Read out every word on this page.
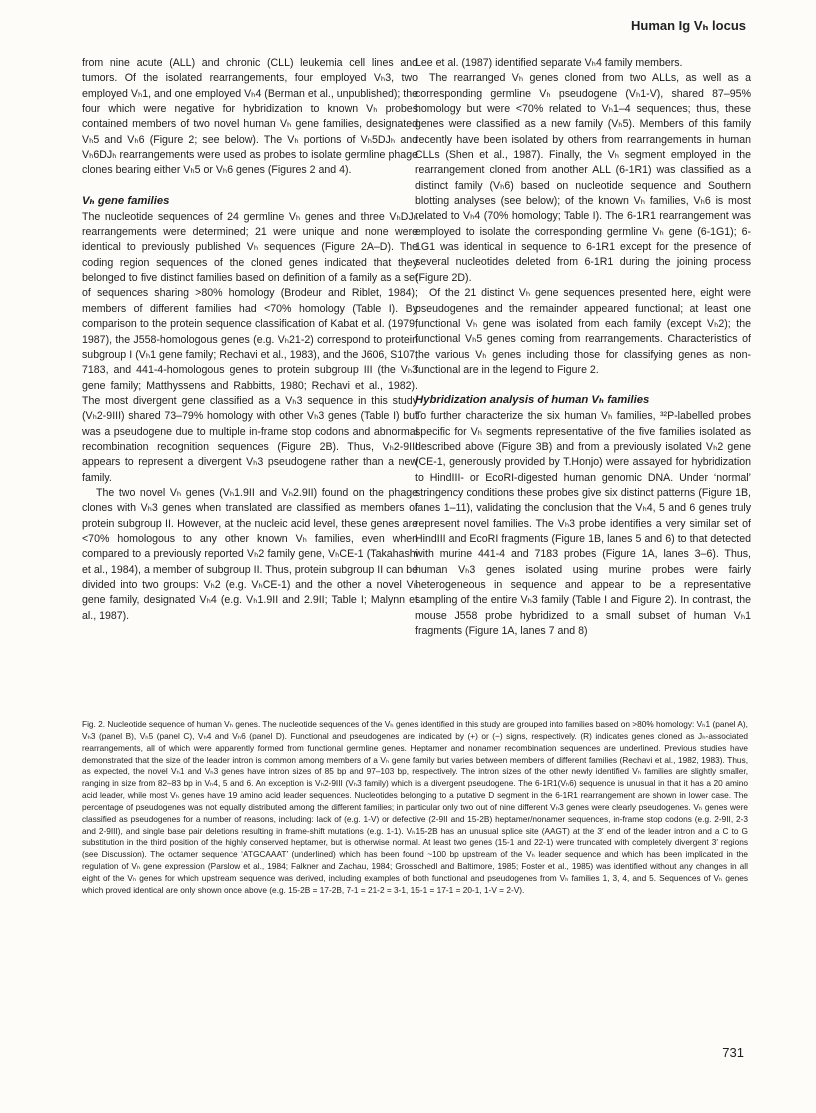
Human Ig Vₕ locus

from nine acute (ALL) and chronic (CLL) leukemia cell lines and tumors. Of the isolated rearrangements, four employed Vₕ3, two employed Vₕ1, and one employed Vₕ4 (Berman et al., unpublished); the four which were negative for hybridization to known Vₕ probes contained members of two novel human Vₕ gene families, designated Vₕ5 and Vₕ6 (Figure 2; see below). The Vₕ portions of Vₕ5DJₕ and Vₕ6DJₕ rearrangements were used as probes to isolate germline phage clones bearing either Vₕ5 or Vₕ6 genes (Figures 2 and 4).

Vₕ gene families

The nucleotide sequences of 24 germline Vₕ genes and three VₕDJₕ rearrangements were determined; 21 were unique and none were identical to previously published Vₕ sequences (Figure 2A–D). The coding region sequences of the cloned genes indicated that they belonged to five distinct families based on definition of a family as a set of sequences sharing >80% homology (Brodeur and Riblet, 1984); members of different families had <70% homology (Table I). By comparison to the protein sequence classification of Kabat et al. (1979, 1987), the J558-homologous genes (e.g. Vₕ21-2) correspond to protein subgroup I (Vₕ1 gene family; Rechavi et al., 1983), and the J606, S107, 7183, and 441-4-homologous genes to protein subgroup III (the Vₕ3 gene family; Matthyssens and Rabbitts, 1980; Rechavi et al., 1982). The most divergent gene classified as a Vₕ3 sequence in this study (Vₕ2-9III) shared 73–79% homology with other Vₕ3 genes (Table I) but was a pseudogene due to multiple in-frame stop codons and abnormal recombination recognition sequences (Figure 2B). Thus, Vₕ2-9III appears to represent a divergent Vₕ3 pseudogene rather than a new family.

The two novel Vₕ genes (Vₕ1.9II and Vₕ2.9II) found on the phage clones with Vₕ3 genes when translated are classified as members of protein subgroup II. However, at the nucleic acid level, these genes are <70% homologous to any other known Vₕ families, even when compared to a previously reported Vₕ2 family gene, VₕCE-1 (Takahashi et al., 1984), a member of subgroup II. Thus, protein subgroup II can be divided into two groups: Vₕ2 (e.g. VₕCE-1) and the other a novel Vₕ gene family, designated Vₕ4 (e.g. Vₕ1.9II and 2.9II; Table I; Malynn et al., 1987).

Lee et al. (1987) identified separate Vₕ4 family members.

The rearranged Vₕ genes cloned from two ALLs, as well as a corresponding germline Vₕ pseudogene (Vₕ1-V), shared 87–95% homology but were <70% related to Vₕ1–4 sequences; thus, these genes were classified as a new family (Vₕ5). Members of this family recently have been isolated by others from rearrangements in human CLLs (Shen et al., 1987). Finally, the Vₕ segment employed in the rearrangement cloned from another ALL (6-1R1) was classified as a distinct family (Vₕ6) based on nucleotide sequence and Southern blotting analyses (see below); of the known Vₕ families, Vₕ6 is most related to Vₕ4 (70% homology; Table I). The 6-1R1 rearrangement was employed to isolate the corresponding germline Vₕ gene (6-1G1); 6-1G1 was identical in sequence to 6-1R1 except for the presence of several nucleotides deleted from 6-1R1 during the joining process (Figure 2D).

Of the 21 distinct Vₕ gene sequences presented here, eight were pseudogenes and the remainder appeared functional; at least one functional Vₕ gene was isolated from each family (except Vₕ2); the functional Vₕ5 genes coming from rearrangements. Characteristics of the various Vₕ genes including those for classifying genes as non-functional are in the legend to Figure 2.

Hybridization analysis of human Vₕ families

To further characterize the six human Vₕ families, ³²P-labelled probes specific for Vₕ segments representative of the five families isolated as described above (Figure 3B) and from a previously isolated Vₕ2 gene (CE-1, generously provided by T.Honjo) were assayed for hybridization to HindIII- or EcoRI-digested human genomic DNA. Under ‘normal’ stringency conditions these probes give six distinct patterns (Figure 1B, lanes 1–11), validating the conclusion that the Vₕ4, 5 and 6 genes truly represent novel families. The Vₕ3 probe identifies a very similar set of HindIII and EcoRI fragments (Figure 1B, lanes 5 and 6) to that detected with murine 441-4 and 7183 probes (Figure 1A, lanes 3–6). Thus, human Vₕ3 genes isolated using murine probes were fairly heterogeneous in sequence and appear to be a representative sampling of the entire Vₕ3 family (Table I and Figure 2). In contrast, the mouse J558 probe hybridized to a small subset of human Vₕ1 fragments (Figure 1A, lanes 7 and 8)

Fig. 2. Nucleotide sequence of human Vₕ genes. The nucleotide sequences of the Vₕ genes identified in this study are grouped into families based on >80% homology: Vₕ1 (panel A), Vₕ3 (panel B), Vₕ5 (panel C), Vₕ4 and Vₕ6 (panel D). Functional and pseudogenes are indicated by (+) or (−) signs, respectively. (R) indicates genes cloned as Jₕ-associated rearrangements, all of which were apparently formed from functional germline genes. Heptamer and nonamer recombination sequences are underlined. Previous studies have demonstrated that the size of the leader intron is common among members of a Vₕ gene family but varies between members of different families (Rechavi et al., 1982, 1983). Thus, as expected, the novel Vₕ1 and Vₕ3 genes have intron sizes of 85 bp and 97–103 bp, respectively. The intron sizes of the other newly identified Vₕ families are slightly smaller, ranging in size from 82–83 bp in Vₕ4, 5 and 6. An exception is Vₕ2-9III (Vₕ3 family) which is a divergent pseudogene. The 6-1R1(Vₕ6) sequence is unusual in that it has a 20 amino acid leader, while most Vₕ genes have 19 amino acid leader sequences. Nucleotides belonging to a putative D segment in the 6-1R1 rearrangement are shown in lower case. The percentage of pseudogenes was not equally distributed among the different families; in particular only two out of nine different Vₕ3 genes were clearly pseudogenes. Vₕ genes were classified as pseudogenes for a number of reasons, including: lack of (e.g. 1-V) or defective (2-9II and 15-2B) heptamer/nonamer sequences, in-frame stop codons (e.g. 2-9II, 2-3 and 2-9III), and single base pair deletions resulting in frame-shift mutations (e.g. 1-1). Vₕ15-2B has an unusual splice site (AAGT) at the 3′ end of the leader intron and a C to G substitution in the third position of the highly conserved heptamer, but is otherwise normal. At least two genes (15-1 and 22-1) were truncated with completely divergent 3′ regions (see Discussion). The octamer sequence ‘ATGCAAAT’ (underlined) which has been found ~100 bp upstream of the Vₕ leader sequence and which has been implicated in the regulation of Vₕ gene expression (Parslow et al., 1984; Falkner and Zachau, 1984; Grosschedl and Baltimore, 1985; Foster et al., 1985) was identified without any changes in all eight of the Vₕ genes for which upstream sequence was derived, including examples of both functional and pseudogenes from Vₕ families 1, 3, 4, and 5. Sequences of Vₕ genes which proved identical are only shown once above (e.g. 15-2B = 17-2B, 7-1 = 21-2 = 3-1, 15-1 = 17-1 = 20-1, 1-V = 2-V).

731
